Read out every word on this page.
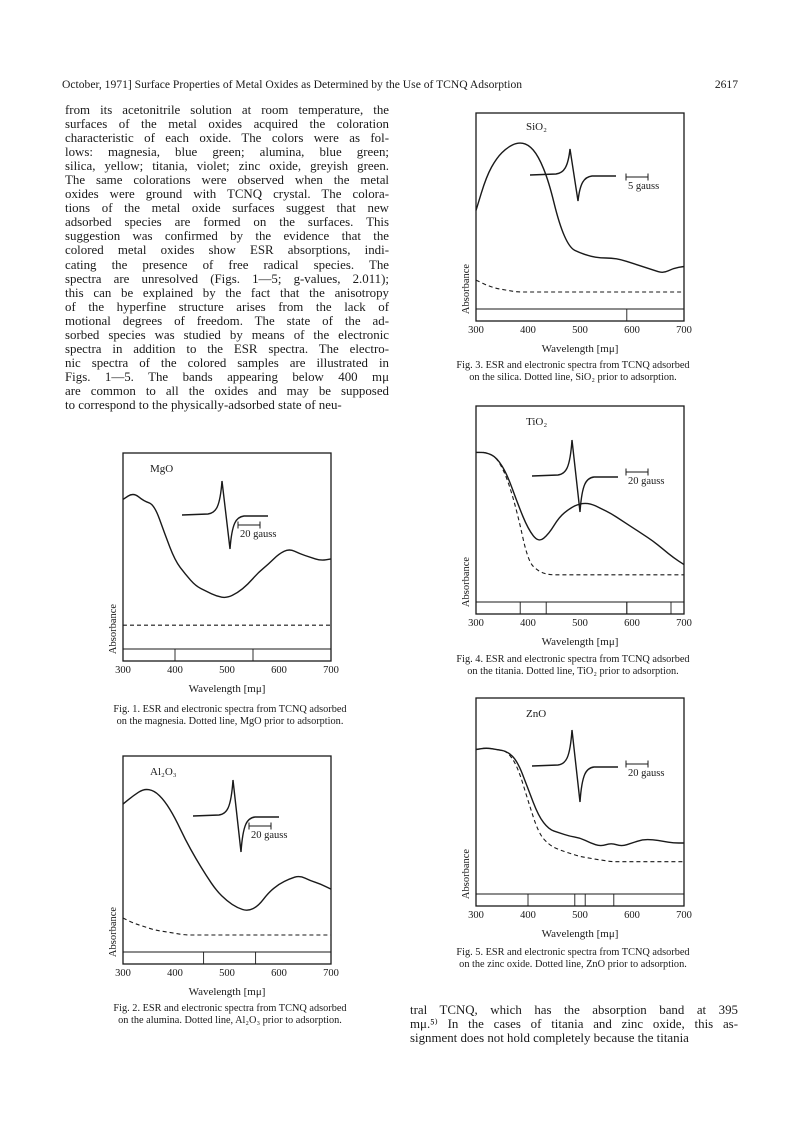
October, 1971] Surface Properties of Metal Oxides as Determined by the Use of TCNQ Adsorption	2617
from its acetonitrile solution at room temperature, the
surfaces of the metal oxides acquired the coloration
characteristic of each oxide. The colors were as fol-
lows: magnesia, blue green; alumina, blue green;
silica, yellow; titania, violet; zinc oxide, greyish green.
The same colorations were observed when the metal
oxides were ground with TCNQ crystal. The colora-
tions of the metal oxide surfaces suggest that new
adsorbed species are formed on the surfaces. This
suggestion was confirmed by the evidence that the
colored metal oxides show ESR absorptions, indi-
cating the presence of free radical species. The
spectra are unresolved (Figs. 1—5; g-values, 2.011);
this can be explained by the fact that the anisotropy
of the hyperfine structure arises from the lack of
motional degrees of freedom. The state of the ad-
sorbed species was studied by means of the electronic
spectra in addition to the ESR spectra. The electro-
nic spectra of the colored samples are illustrated in
Figs. 1—5. The bands appearing below 400 mμ
are common to all the oxides and may be supposed
to correspond to the physically-adsorbed state of neu-
tral TCNQ, which has the absorption band at 395
mμ.⁵⁾ In the cases of titania and zinc oxide, this as-
signment does not hold completely because the titania
20 gauss
MgO
Absorbance
300	400	500	600	700
Wavelength [mμ]
20 gauss
Al₂O₃
Absorbance
300	400	500	600	700
Wavelength [mμ]
5 gauss
SiO₂
Absorbance
300	400	500	600	700
Wavelength [mμ]
20 gauss
TiO₂
Absorbance
300	400	500	600	700
Wavelength [mμ]
20 gauss
ZnO
Absorbance
300	400	500	600	700
Wavelength [mμ]
Fig. 1. ESR and electronic spectra from TCNQ adsorbed
on the magnesia. Dotted line, MgO prior to adsorption.
Fig. 2. ESR and electronic spectra from TCNQ adsorbed
on the alumina. Dotted line, Al₂O₃ prior to adsorption.
Fig. 3. ESR and electronic spectra from TCNQ adsorbed
on the silica. Dotted line, SiO₂ prior to adsorption.
Fig. 4. ESR and electronic spectra from TCNQ adsorbed
on the titania. Dotted line, TiO₂ prior to adsorption.
Fig. 5. ESR and electronic spectra from TCNQ adsorbed
on the zinc oxide. Dotted line, ZnO prior to adsorption.
